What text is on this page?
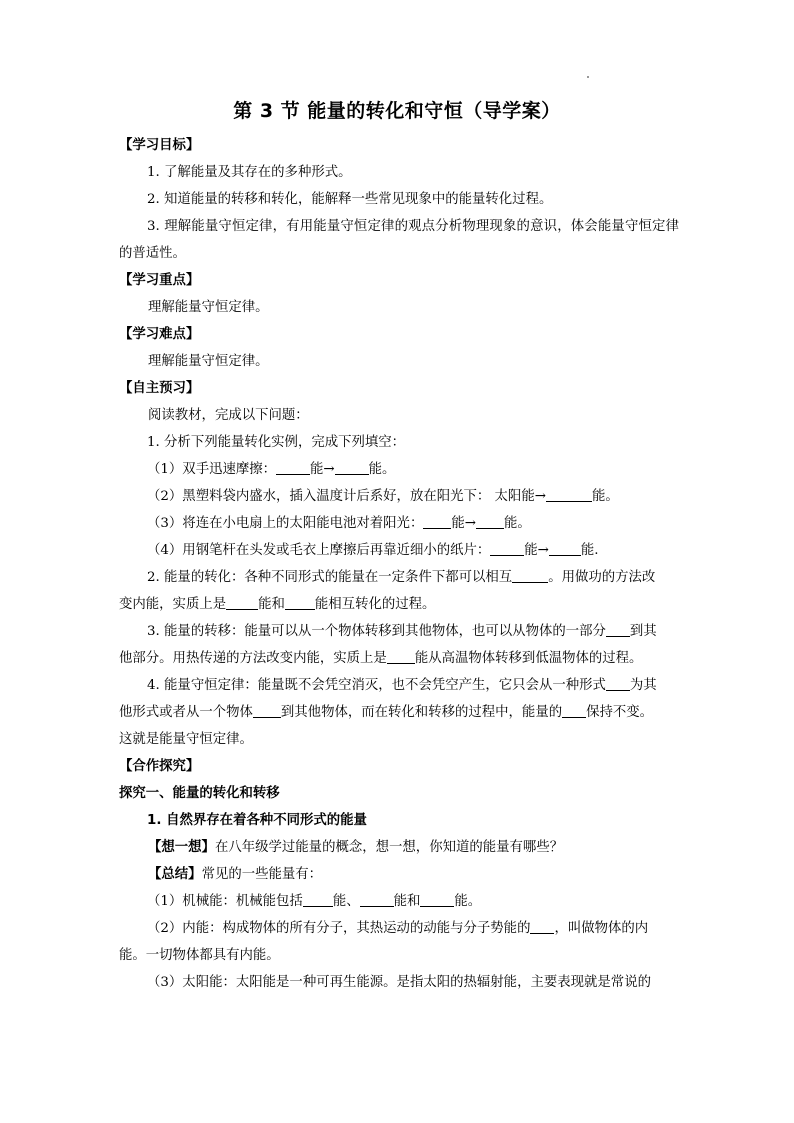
第 3 节 能量的转化和守恒（导学案）
【学习目标】
1. 了解能量及其存在的多种形式。
2. 知道能量的转移和转化，能解释一些常见现象中的能量转化过程。
3. 理解能量守恒定律，有用能量守恒定律的观点分析物理现象的意识，体会能量守恒定律的普适性。
【学习重点】
理解能量守恒定律。
【学习难点】
理解能量守恒定律。
【自主预习】
阅读教材，完成以下问题：
1. 分析下列能量转化实例，完成下列填空：
（1）双手迅速摩擦：	能→	能。
（2）黑塑料袋内盛水，插入温度计后系好，放在阳光下： 太阳能→	能。
（3）将连在小电扇上的太阳能电池对着阳光： 能→ 能。
（4）用钢笔杆在头发或毛衣上摩擦后再靠近细小的纸片：	能→ 能.
2. 能量的转化：各种不同形式的能量在一定条件下都可以相互	。用做功的方法改
变内能，实质上是 能和 能相互转化的过程。
3. 能量的转移：能量可以从一个物体转移到其他物体，也可以从物体的一部分 到其
他部分。用热传递的方法改变内能，实质上是 能从高温物体转移到低温物体的过程。
4. 能量守恒定律：能量既不会凭空消灭，也不会凭空产生，它只会从一种形式 为其
他形式或者从一个物体 到其他物体，而在转化和转移的过程中，能量的 保持不变。
这就是能量守恒定律。
【合作探究】
探究一、能量的转化和转移
1. 自然界存在着各种不同形式的能量
【想一想】在八年级学过能量的概念，想一想，你知道的能量有哪些？
【总结】常见的一些能量有：
（1）机械能：机械能包括 能、	能和	能。
（2）内能：构成物体的所有分子，其热运动的动能与分子势能的 ，叫做物体的内
能。一切物体都具有内能。
（3）太阳能：太阳能是一种可再生能源。是指太阳的热辐射能，主要表现就是常说的
